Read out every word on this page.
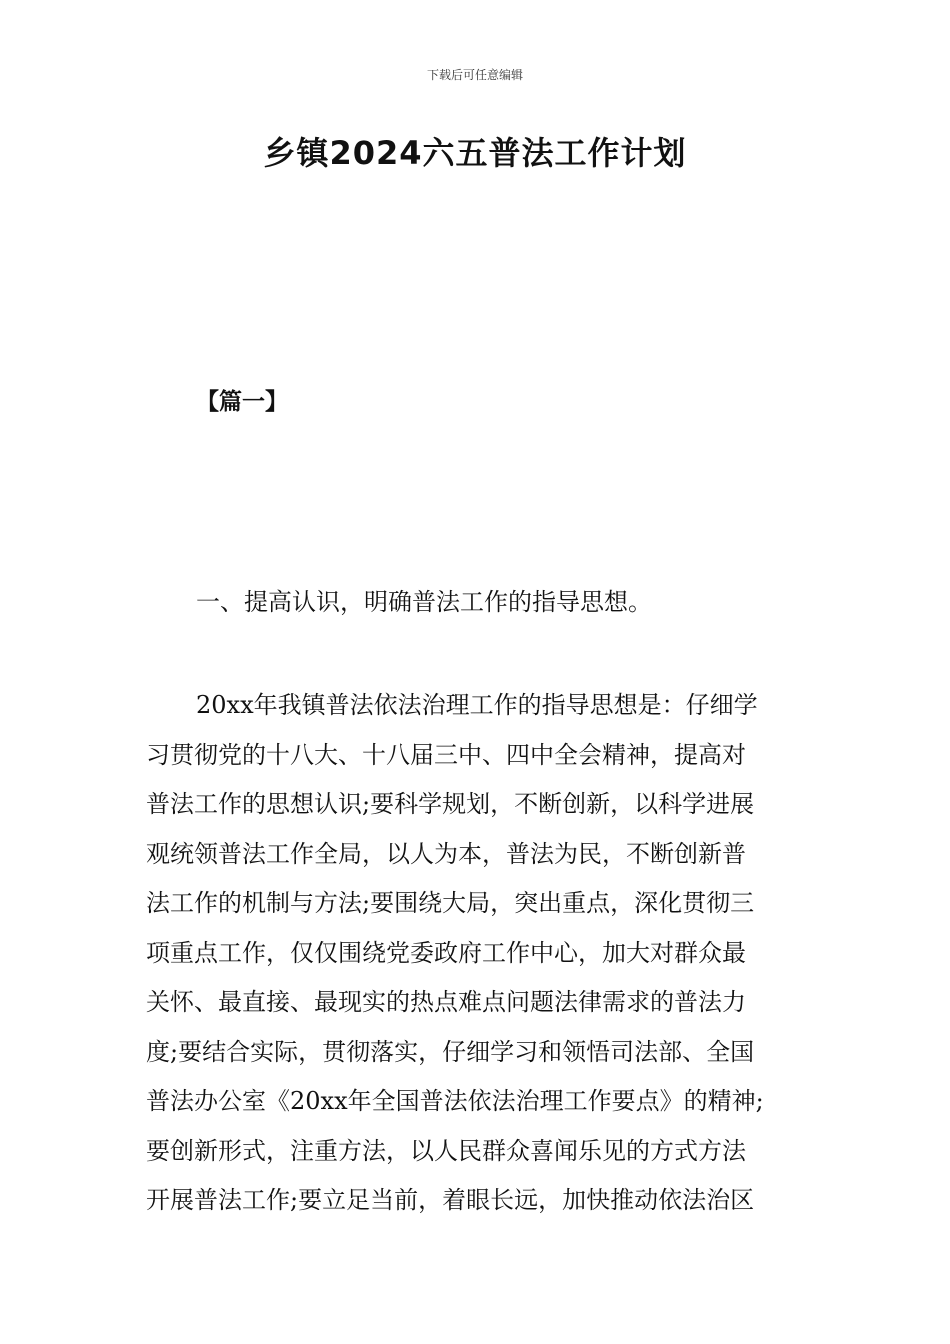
下载后可任意编辑
乡镇2024六五普法工作计划
【篇一】
一、提高认识，明确普法工作的指导思想。
20xx年我镇普法依法治理工作的指导思想是：仔细学
习贯彻党的十八大、十八届三中、四中全会精神，提高对
普法工作的思想认识;要科学规划，不断创新，以科学进展
观统领普法工作全局，以人为本，普法为民，不断创新普
法工作的机制与方法;要围绕大局，突出重点，深化贯彻三
项重点工作，仅仅围绕党委政府工作中心，加大对群众最
关怀、最直接、最现实的热点难点问题法律需求的普法力
度;要结合实际，贯彻落实，仔细学习和领悟司法部、全国
普法办公室《20xx年全国普法依法治理工作要点》的精神;
要创新形式，注重方法，以人民群众喜闻乐见的方式方法
开展普法工作;要立足当前，着眼长远，加快推动依法治区
